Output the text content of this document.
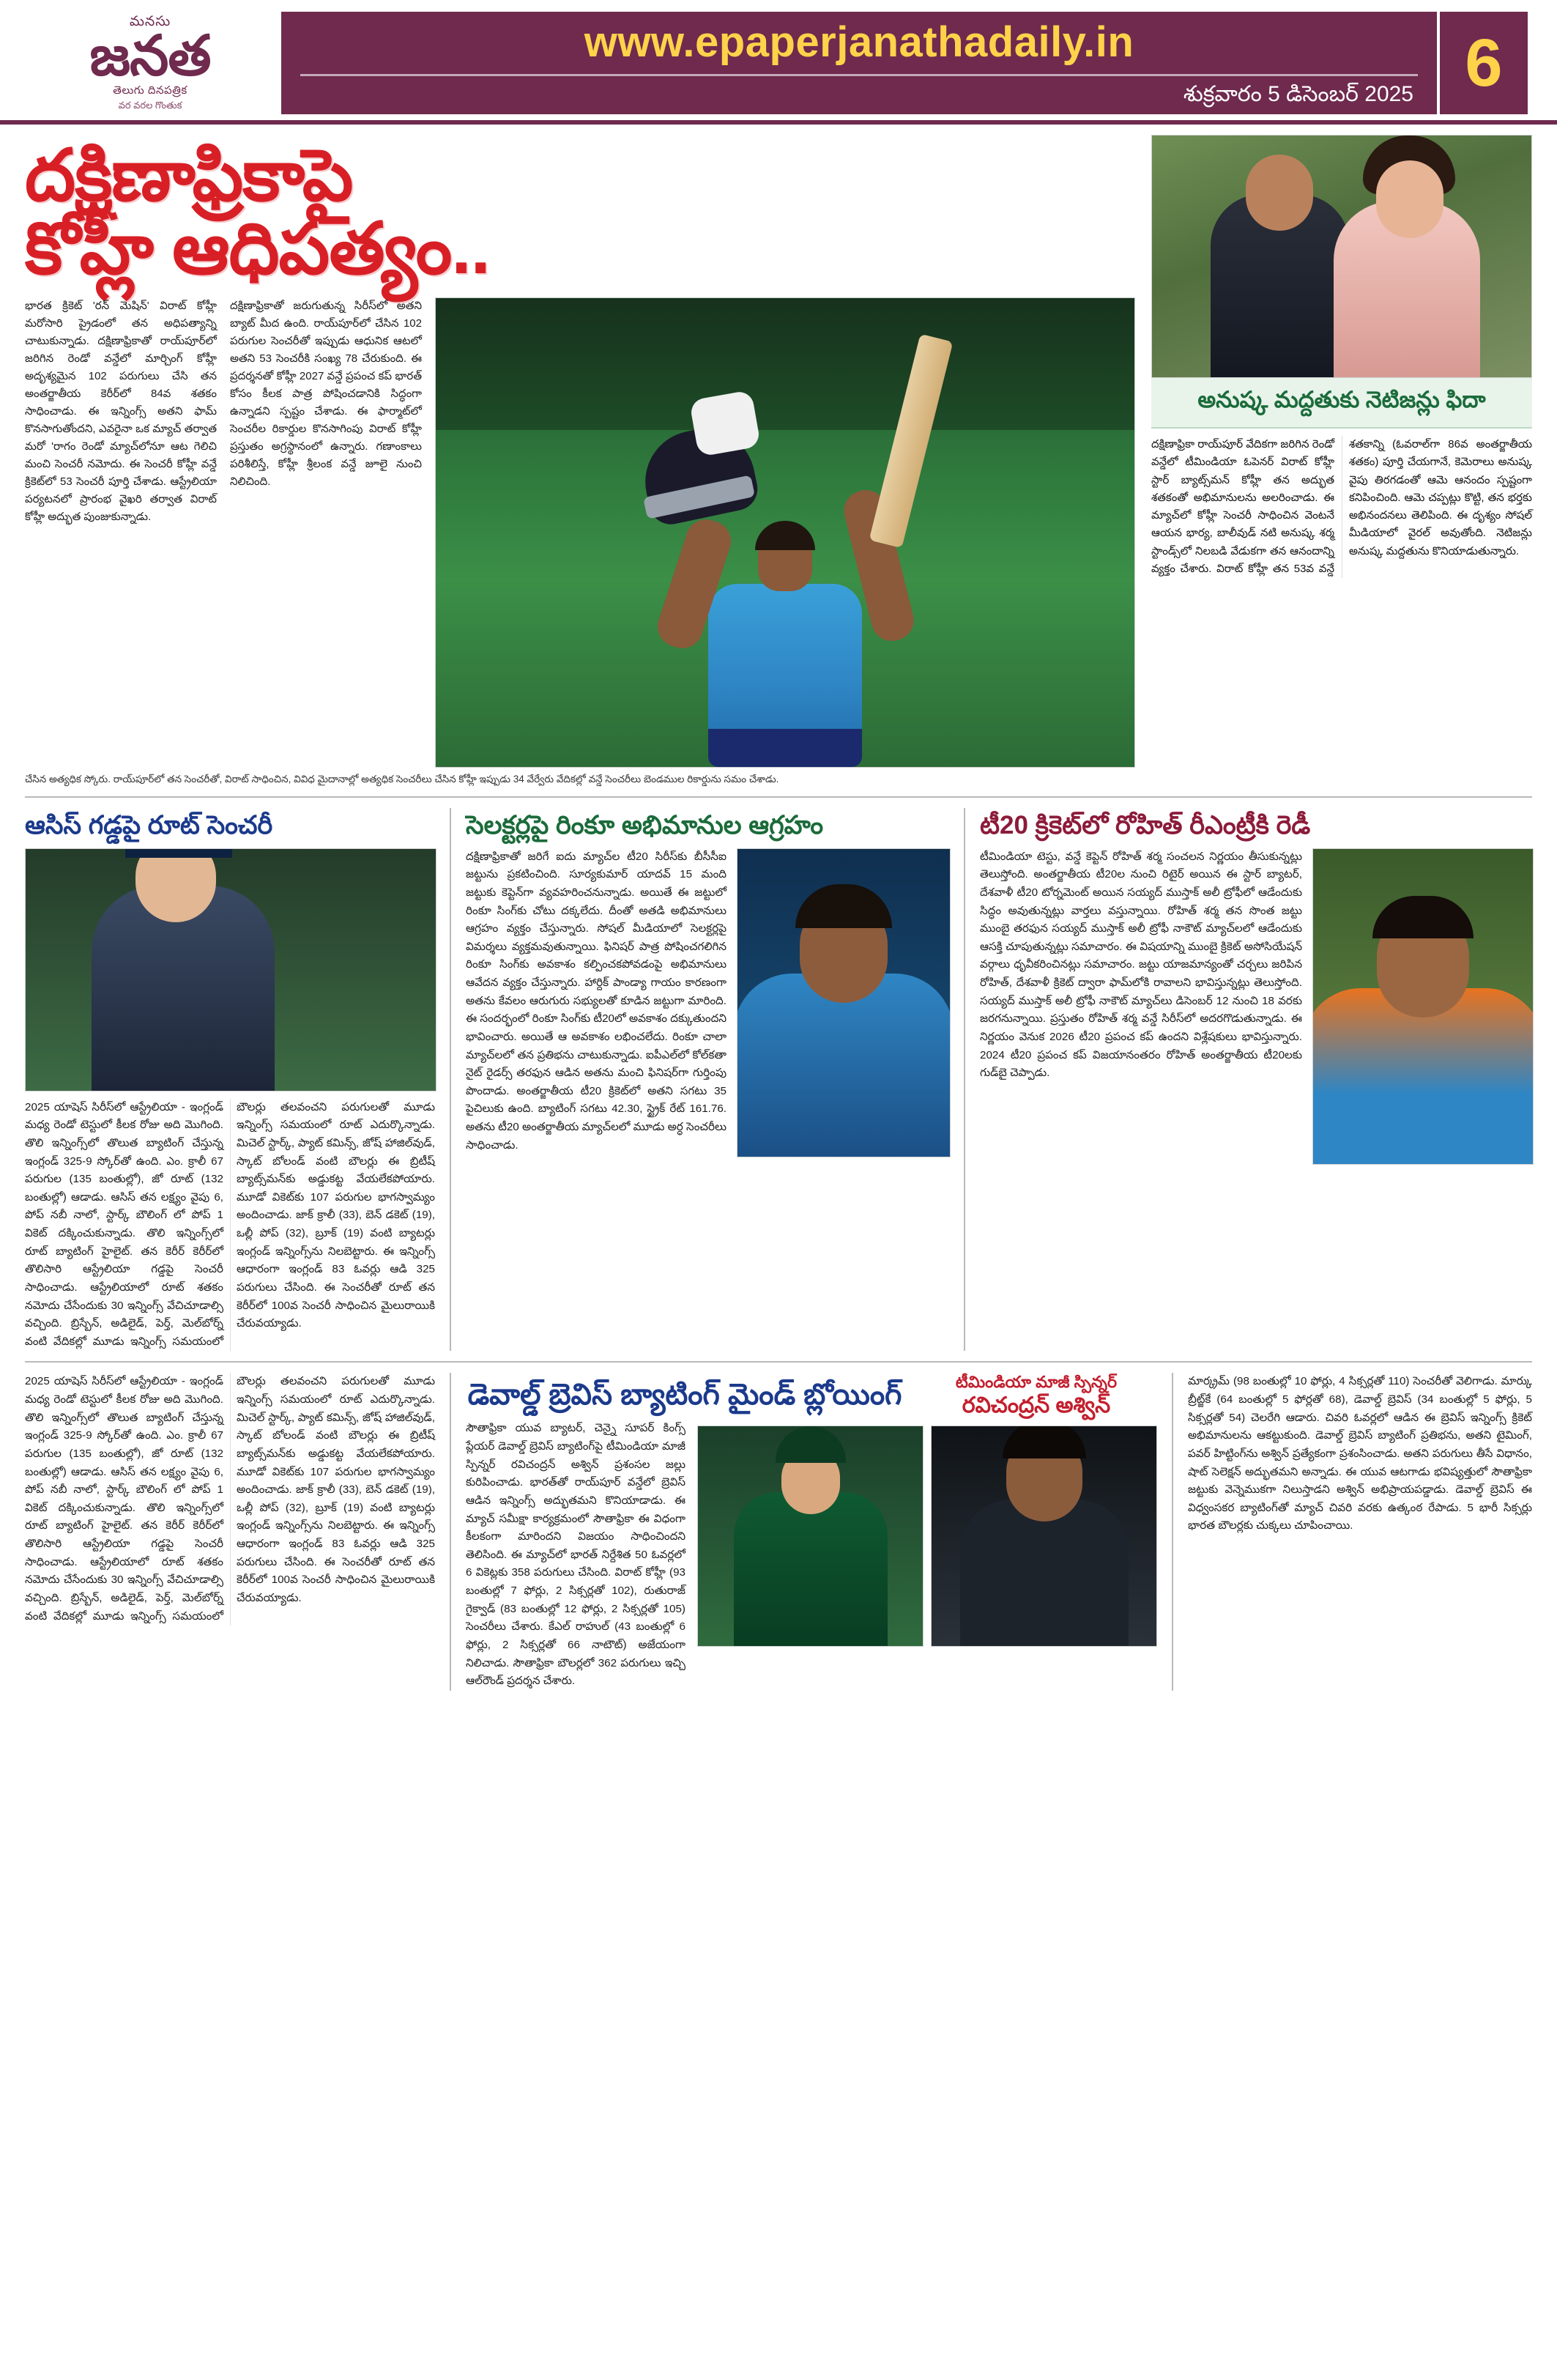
మనసు
జనత
తెలుగు దినపత్రిక
వర వరల గొంతుక
www.epaperjanathadaily.in
శుక్రవారం 5 డిసెంబర్ 2025 6
దక్షిణాఫ్రికాపై
కోహ్లీ ఆధిపత్యం..
భారత క్రికెట్ 'రన్ మెషిన్' విరాట్ కోహ్లీ మరోసారి ప్రైడంలో తన అధిపత్యాన్ని చాటుకున్నాడు. దక్షిణాఫ్రికాతో రాయ్‌పూర్‌లో జరిగిన రెండో వన్డేలో మార్చింగ్ కోహ్లీ అదృశ్యమైన 102 పరుగులు చేసి తన అంతర్జాతీయ కెరీర్‌లో 84వ శతకం సాధించాడు. ఈ ఇన్నింగ్స్ అతని ఫామ్ కొనసాగుతోందని, ఎవరైనా ఒక మ్యాచ్ తర్వాత మరో 'రాగం రెండో మ్యాచ్‌లోనూ ఆట గెలిచి మంచి సెంచరీ నమోదు. ఈ సెంచరీ కోహ్లీ వన్డే క్రికెట్‌లో 53 సెంచరీ పూర్తి చేశాడు. ఆస్ట్రేలియా పర్యటనలో ప్రారంభ వైఖరి తర్వాత విరాట్ కోహ్లీ అద్భుత పుంజుకున్నాడు.
దక్షిణాఫ్రికాతో జరుగుతున్న సిరీస్‌లో అతని బ్యాట్ మీద ఉంది. రాయ్‌పూర్‌లో చేసిన 102 పరుగుల సెంచరీతో ఇప్పుడు ఆధునిక ఆటలో అతని 53 సెంచరీకి సంఖ్య 78 చేరుకుంది. ఈ ప్రదర్శనతో కోహ్లీ 2027 వన్డే ప్రపంచ కప్ భారత్ కోసం కీలక పాత్ర పోషించడానికి సిద్ధంగా ఉన్నాడని స్పష్టం చేశాడు. ఈ ఫార్మాట్‌లో సెంచరీల రికార్డుల కొనసాగింపు విరాట్ కోహ్లీ ప్రస్తుతం అగ్రస్థానంలో ఉన్నారు. గణాంకాలు పరిశీలిస్తే, కోహ్లీ శ్రీలంక వన్డే జూలై నుంచి నిలిచింది.
చేసిన అత్యధిక స్కోరు. రాయ్‌పూర్‌లో తన సెంచరీతో, విరాట్ సాధించిన, వివిధ మైదానాల్లో అత్యధిక సెంచరీలు చేసిన కోహ్లీ ఇప్పుడు 34 వేర్వేరు వేదికల్లో వన్డే సెంచరీలు బెండముల రికార్డును సమం చేశాడు.
అనుష్క మద్దతుకు నెటిజన్లు ఫిదా
దక్షిణాఫ్రికా రాయ్‌పూర్ వేదికగా జరిగిన రెండో వన్డేలో టీమిండియా ఓపెనర్ విరాట్ కోహ్లీ స్టార్ బ్యాట్స్‌మన్ కోహ్లీ తన అద్భుత శతకంతో అభిమానులను అలరించాడు. ఈ మ్యాచ్‌లో కోహ్లీ సెంచరీ సాధించిన వెంటనే ఆయన భార్య, బాలీవుడ్ నటి అనుష్క శర్మ స్టాండ్స్‌లో నిలబడి వేడుకగా తన ఆనందాన్ని వ్యక్తం చేశారు. విరాట్ కోహ్లీ తన 53వ వన్డే శతకాన్ని (ఓవరాల్‌గా 86వ అంతర్జాతీయ శతకం) పూర్తి చేయగానే, కెమెరాలు అనుష్క వైపు తిరగడంతో ఆమె ఆనందం స్పష్టంగా కనిపించింది. ఆమె చప్పట్లు కొట్టి, తన భర్తకు అభినందనలు తెలిపింది. ఈ దృశ్యం సోషల్ మీడియాలో వైరల్ అవుతోంది. నెటిజన్లు అనుష్క మద్దతును కొనియాడుతున్నారు.
ఆసిస్ గడ్డపై రూట్ సెంచరీ
2025 యాషెస్ సిరీస్‌లో ఆస్ట్రేలియా - ఇంగ్లండ్ మధ్య రెండో టెస్టులో కీలక రోజు అది మొగింది. తొలి ఇన్నింగ్స్‌లో తొలుత బ్యాటింగ్ చేస్తున్న ఇంగ్లండ్ 325-9 స్కోర్‌తో ఉంది. ఎం. క్రాలీ 67 పరుగుల (135 బంతుల్లో), జో రూట్ (132 బంతుల్లో) ఆడాడు. ఆసిస్ తన లక్ష్యం వైపు 6, పోప్ నబీ నాలో, స్టార్క్ బౌలింగ్ లో పోప్ 1 వికెట్ దక్కించుకున్నాడు. తొలి ఇన్నింగ్స్‌లో రూట్ బ్యాటింగ్ హైలైట్. తన కెరీర్ కెరీర్‌లో తొలిసారి ఆస్ట్రేలియా గడ్డపై సెంచరీ సాధించాడు. ఆస్ట్రేలియాలో రూట్ శతకం నమోదు చేసేందుకు 30 ఇన్నింగ్స్ వేచిచూడాల్సి వచ్చింది. బ్రిస్బేన్, అడిలైడ్, పెర్త్, మెల్‌బోర్న్ వంటి వేదికల్లో మూడు ఇన్నింగ్స్ సమయంలో బౌలర్లు తలవంచని పరుగులతో మూడు ఇన్నింగ్స్ సమయంలో రూట్ ఎదుర్కొన్నాడు. మిచెల్ స్టార్క్, ప్యాట్ కమిన్స్, జోష్ హాజిల్‌వుడ్, స్కాట్ బోలండ్ వంటి బౌలర్లు ఈ బ్రిటీష్ బ్యాట్స్‌మన్‌కు అడ్డుకట్ట వేయలేకపోయారు. మూడో వికెట్‌కు 107 పరుగుల భాగస్వామ్యం అందించాడు. జాక్ క్రాలీ (33), బెన్ డకెట్ (19), ఒల్లీ పోప్ (32), బ్రూక్ (19) వంటి బ్యాటర్లు ఇంగ్లండ్ ఇన్నింగ్స్‌ను నిలబెట్టారు. ఈ ఇన్నింగ్స్ ఆధారంగా ఇంగ్లండ్ 83 ఓవర్లు ఆడి 325 పరుగులు చేసింది. ఈ సెంచరీతో రూట్ తన కెరీర్‌లో 100వ సెంచరీ సాధించిన మైలురాయికి చేరువయ్యాడు.
సెలక్టర్లపై రింకూ అభిమానుల ఆగ్రహం
దక్షిణాఫ్రికాతో జరిగే ఐదు మ్యాచ్‌ల టీ20 సిరీస్‌కు బీసీసీఐ జట్టును ప్రకటించింది. సూర్యకుమార్ యాదవ్ 15 మంది జట్టుకు కెప్టెన్‌గా వ్యవహరించనున్నాడు. అయితే ఈ జట్టులో రింకూ సింగ్‌కు చోటు దక్కలేదు. దీంతో అతడి అభిమానులు ఆగ్రహం వ్యక్తం చేస్తున్నారు. సోషల్ మీడియాలో సెలక్టర్లపై విమర్శలు వ్యక్తమవుతున్నాయి. ఫినిషర్ పాత్ర పోషించగలిగిన రింకూ సింగ్‌కు అవకాశం కల్పించకపోవడంపై అభిమానులు ఆవేదన వ్యక్తం చేస్తున్నారు. హార్దిక్ పాండ్యా గాయం కారణంగా అతను కేవలం ఆరుగురు సభ్యులతో కూడిన జట్టుగా మారింది. ఈ సందర్భంలో రింకూ సింగ్‌కు టీ20లో అవకాశం దక్కుతుందని భావించారు. అయితే ఆ అవకాశం లభించలేదు. రింకూ చాలా మ్యాచ్‌లలో తన ప్రతిభను చాటుకున్నాడు. ఐపీఎల్‌లో కోల్‌కతా నైట్ రైడర్స్ తరఫున ఆడిన అతను మంచి ఫినిషర్‌గా గుర్తింపు పొందాడు. అంతర్జాతీయ టీ20 క్రికెట్‌లో అతని సగటు 35 పైచిలుకు ఉంది. బ్యాటింగ్ సగటు 42.30, స్ట్రైక్ రేట్ 161.76. అతను టీ20 అంతర్జాతీయ మ్యాచ్‌లలో మూడు అర్ధ సెంచరీలు సాధించాడు.
టీ20 క్రికెట్‌లో రోహిత్ రీఎంట్రీకి రెడీ
టీమిండియా టెస్టు, వన్డే కెప్టెన్ రోహిత్ శర్మ సంచలన నిర్ణయం తీసుకున్నట్లు తెలుస్తోంది. అంతర్జాతీయ టీ20ల నుంచి రిటైర్ అయిన ఈ స్టార్ బ్యాటర్, దేశవాళీ టీ20 టోర్నమెంట్ అయిన సయ్యద్ ముస్తాక్ అలీ ట్రోఫీలో ఆడేందుకు సిద్ధం అవుతున్నట్లు వార్తలు వస్తున్నాయి. రోహిత్ శర్మ తన సొంత జట్టు ముంబై తరఫున సయ్యద్ ముస్తాక్ అలీ ట్రోఫీ నాకౌట్ మ్యాచ్‌లలో ఆడేందుకు ఆసక్తి చూపుతున్నట్లు సమాచారం. ఈ విషయాన్ని ముంబై క్రికెట్ అసోసియేషన్ వర్గాలు ధృవీకరించినట్లు సమాచారం. జట్టు యాజమాన్యంతో చర్చలు జరిపిన రోహిత్, దేశవాళీ క్రికెట్ ద్వారా ఫామ్‌లోకి రావాలని భావిస్తున్నట్లు తెలుస్తోంది. సయ్యద్ ముస్తాక్ అలీ ట్రోఫీ నాకౌట్ మ్యాచ్‌లు డిసెంబర్ 12 నుంచి 18 వరకు జరగనున్నాయి. ప్రస్తుతం రోహిత్ శర్మ వన్డే సిరీస్‌లో అదరగొడుతున్నాడు. ఈ నిర్ణయం వెనుక 2026 టీ20 ప్రపంచ కప్ ఉందని విశ్లేషకులు భావిస్తున్నారు. 2024 టీ20 ప్రపంచ కప్ విజయానంతరం రోహిత్ అంతర్జాతీయ టీ20లకు గుడ్‌బై చెప్పాడు.
2025 యాషెస్ సిరీస్‌లో ఆస్ట్రేలియా - ఇంగ్లండ్ మధ్య రెండో టెస్టులో కీలక రోజు అది మొగింది. తొలి ఇన్నింగ్స్‌లో తొలుత బ్యాటింగ్ చేస్తున్న ఇంగ్లండ్ 325-9 స్కోర్‌తో ఉంది. ఎం. క్రాలీ 67 పరుగుల (135 బంతుల్లో), జో రూట్ (132 బంతుల్లో) ఆడాడు. ఆసిస్ తన లక్ష్యం వైపు 6, పోప్ నబీ నాలో, స్టార్క్ బౌలింగ్ లో పోప్ 1 వికెట్ దక్కించుకున్నాడు. తొలి ఇన్నింగ్స్‌లో రూట్ బ్యాటింగ్ హైలైట్. తన కెరీర్ కెరీర్‌లో తొలిసారి ఆస్ట్రేలియా గడ్డపై సెంచరీ సాధించాడు. ఆస్ట్రేలియాలో రూట్ శతకం నమోదు చేసేందుకు 30 ఇన్నింగ్స్ వేచిచూడాల్సి వచ్చింది. బ్రిస్బేన్, అడిలైడ్, పెర్త్, మెల్‌బోర్న్ వంటి వేదికల్లో మూడు ఇన్నింగ్స్ సమయంలో బౌలర్లు తలవంచని పరుగులతో మూడు ఇన్నింగ్స్ సమయంలో రూట్ ఎదుర్కొన్నాడు. మిచెల్ స్టార్క్, ప్యాట్ కమిన్స్, జోష్ హాజిల్‌వుడ్, స్కాట్ బోలండ్ వంటి బౌలర్లు ఈ బ్రిటీష్ బ్యాట్స్‌మన్‌కు అడ్డుకట్ట వేయలేకపోయారు. మూడో వికెట్‌కు 107 పరుగుల భాగస్వామ్యం అందించాడు. జాక్ క్రాలీ (33), బెన్ డకెట్ (19), ఒల్లీ పోప్ (32), బ్రూక్ (19) వంటి బ్యాటర్లు ఇంగ్లండ్ ఇన్నింగ్స్‌ను నిలబెట్టారు. ఈ ఇన్నింగ్స్ ఆధారంగా ఇంగ్లండ్ 83 ఓవర్లు ఆడి 325 పరుగులు చేసింది. ఈ సెంచరీతో రూట్ తన కెరీర్‌లో 100వ సెంచరీ సాధించిన మైలురాయికి చేరువయ్యాడు.
డెవాల్డ్ బ్రెవిస్ బ్యాటింగ్ మైండ్ బ్లోయింగ్	టీమిండియా మాజీ స్పిన్నర్
రవిచంద్రన్ అశ్విన్
సౌతాఫ్రికా యువ బ్యాటర్, చెన్నై సూపర్ కింగ్స్ ప్లేయర్ డెవాల్డ్ బ్రెవిస్ బ్యాటింగ్‌పై టీమిండియా మాజీ స్పిన్నర్ రవిచంద్రన్ అశ్విన్ ప్రశంసల జల్లు కురిపించాడు. భారత్‌తో రాయ్‌పూర్ వన్డేలో బ్రెవిస్ ఆడిన ఇన్నింగ్స్ అద్భుతమని కొనియాడాడు. ఈ మ్యాచ్ సమీక్షా కార్యక్రమంలో సౌతాఫ్రికా ఈ విధంగా కీలకంగా మారిందని విజయం సాధించిందని తెలిసింది. ఈ మ్యాచ్‌లో భారత్ నిర్దేశిత 50 ఓవర్లలో 6 వికెట్లకు 358 పరుగులు చేసింది. విరాట్ కోహ్లీ (93 బంతుల్లో 7 ఫోర్లు, 2 సిక్సర్లతో 102), రుతురాజ్ గైక్వాడ్ (83 బంతుల్లో 12 ఫోర్లు, 2 సిక్సర్లతో 105) సెంచరీలు చేశారు. కేఎల్ రాహుల్ (43 బంతుల్లో 6 ఫోర్లు, 2 సిక్సర్లతో 66 నాటౌట్) అజేయంగా నిలిచాడు. సౌతాఫ్రికా బౌలర్లలో 362 పరుగులు ఇచ్చి ఆల్‌రౌండ్ ప్రదర్శన చేశారు.
మార్క్రమ్ (98 బంతుల్లో 10 ఫోర్లు, 4 సిక్సర్లతో 110) సెంచరీతో వెలిగాడు. మార్కు బ్రీట్జ్‌కే (64 బంతుల్లో 5 ఫోర్లతో 68), డెవాల్డ్ బ్రెవిస్ (34 బంతుల్లో 5 ఫోర్లు, 5 సిక్సర్లతో 54) చెలరేగి ఆడారు. చివరి ఓవర్లలో ఆడిన ఈ బ్రెవిస్ ఇన్నింగ్స్ క్రికెట్ అభిమానులను ఆకట్టుకుంది. డెవాల్డ్ బ్రెవిస్ బ్యాటింగ్ ప్రతిభను, అతని టైమింగ్, పవర్ హిట్టింగ్‌ను అశ్విన్ ప్రత్యేకంగా ప్రశంసించాడు. అతని పరుగులు తీసే విధానం, షాట్ సెలెక్షన్ అద్భుతమని అన్నాడు. ఈ యువ ఆటగాడు భవిష్యత్తులో సౌతాఫ్రికా జట్టుకు వెన్నెముకగా నిలుస్తాడని అశ్విన్ అభిప్రాయపడ్డాడు. డెవాల్డ్ బ్రెవిస్ ఈ విధ్వంసకర బ్యాటింగ్‌తో మ్యాచ్ చివరి వరకు ఉత్కంఠ రేపాడు. 5 భారీ సిక్సర్లు భారత బౌలర్లకు చుక్కలు చూపించాయి.
